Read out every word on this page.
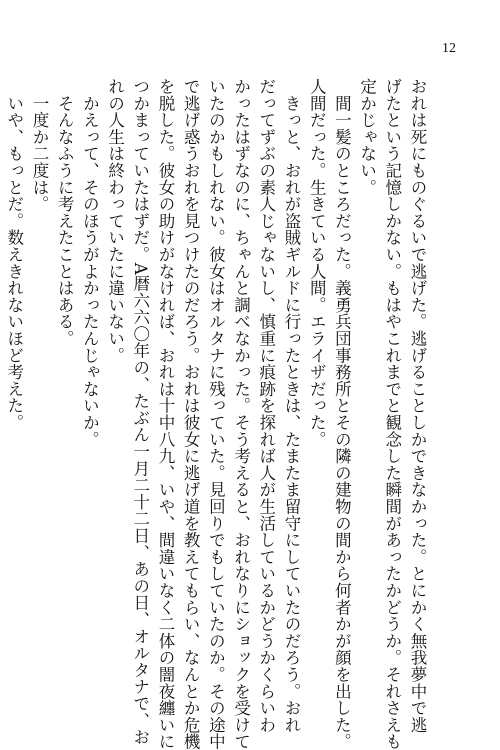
12

おれは死にものぐるいで逃げた。逃げることしかできなかった。とにかく無我夢中で逃

げたという記憶しかない。もはやこれまでと観念した瞬間があったかどうか。それさえも

定かじゃない。

　間一髪のところだった。義勇兵団事務所とその隣の建物の間から何者かが顔を出した。

人間だった。生きている人間。エライザだった。

　きっと、おれが盗賊ギルドに行ったときは、たまたま留守にしていたのだろう。おれ

だってずぶの素人じゃないし、慎重に痕跡を探れば人が生活しているかどうかくらいわ

かったはずなのに、ちゃんと調べなかった。そう考えると、おれなりにショックを受けて

いたのかもしれない。彼女はオルタナに残っていた。見回りでもしていたのか。その途中

で逃げ惑うおれを見つけたのだろう。おれは彼女に逃げ道を教えてもらい、なんとか危機

を脱した。彼女の助けがなければ、おれは十中八九、いや、間違いなく二体の闇夜纏いに

つかまっていたはずだ。A暦六六〇年の、たぶん一月二十二日、あの日、オルタナで、お

れの人生は終わっていたに違いない。

　かえって、そのほうがよかったんじゃないか。

　そんなふうに考えたことはある。

　一度か二度は。

　いや、もっとだ。数えきれないほど考えた。
